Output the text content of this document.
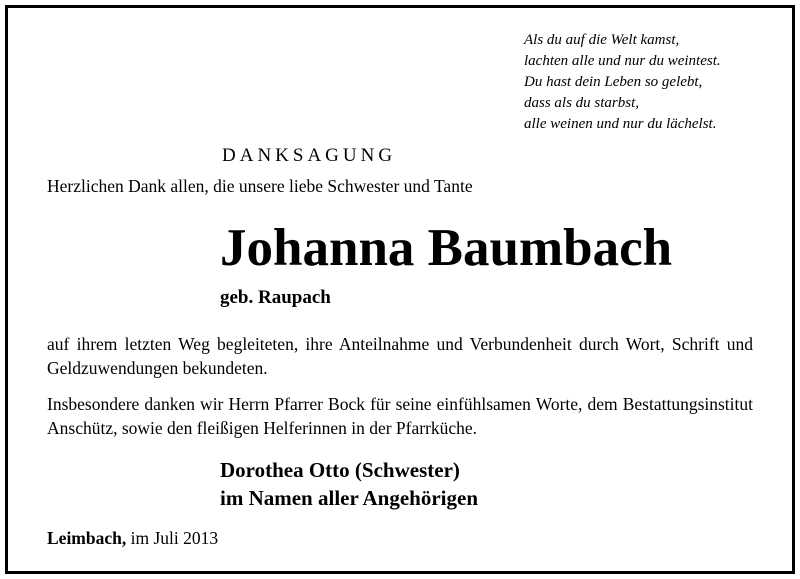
Als du auf die Welt kamst,
lachten alle und nur du weintest.
Du hast dein Leben so gelebt,
dass als du starbst,
alle weinen und nur du lächelst.
DANKSAGUNG
Herzlichen Dank allen, die unsere liebe Schwester und Tante
Johanna Baumbach
geb. Raupach
auf ihrem letzten Weg begleiteten, ihre Anteilnahme und Verbundenheit durch Wort, Schrift und Geldzuwendungen bekundeten.
Insbesondere danken wir Herrn Pfarrer Bock für seine einfühlsamen Worte, dem Bestattungsinstitut Anschütz, sowie den fleißigen Helferinnen in der Pfarrküche.
Dorothea Otto (Schwester)
im Namen aller Angehörigen
Leimbach, im Juli 2013
